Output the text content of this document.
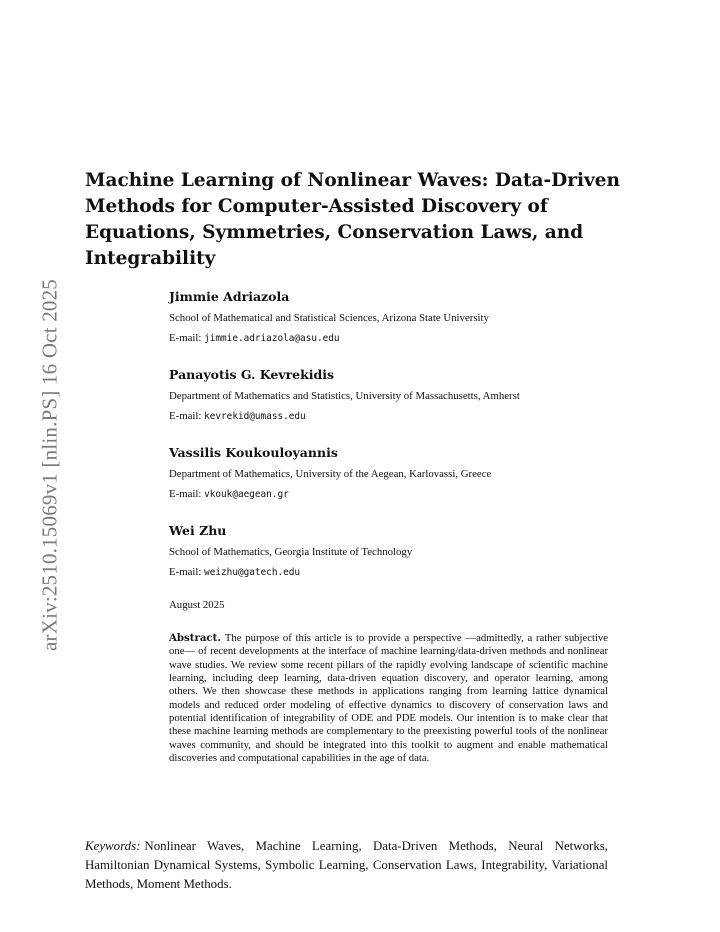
arXiv:2510.15069v1 [nlin.PS] 16 Oct 2025
Machine Learning of Nonlinear Waves: Data-Driven Methods for Computer-Assisted Discovery of Equations, Symmetries, Conservation Laws, and Integrability
Jimmie Adriazola
School of Mathematical and Statistical Sciences, Arizona State University
E-mail: jimmie.adriazola@asu.edu
Panayotis G. Kevrekidis
Department of Mathematics and Statistics, University of Massachusetts, Amherst
E-mail: kevrekid@umass.edu
Vassilis Koukouloyannis
Department of Mathematics, University of the Aegean, Karlovassi, Greece
E-mail: vkouk@aegean.gr
Wei Zhu
School of Mathematics, Georgia Institute of Technology
E-mail: weizhu@gatech.edu
August 2025

Abstract. The purpose of this article is to provide a perspective —admittedly, a rather subjective one— of recent developments at the interface of machine learning/data-driven methods and nonlinear wave studies. We review some recent pillars of the rapidly evolving landscape of scientific machine learning, including deep learning, data-driven equation discovery, and operator learning, among others. We then showcase these methods in applications ranging from learning lattice dynamical models and reduced order modeling of effective dynamics to discovery of conservation laws and potential identification of integrability of ODE and PDE models. Our intention is to make clear that these machine learning methods are complementary to the preexisting powerful tools of the nonlinear waves community, and should be integrated into this toolkit to augment and enable mathematical discoveries and computational capabilities in the age of data.

Keywords: Nonlinear Waves, Machine Learning, Data-Driven Methods, Neural Networks, Hamiltonian Dynamical Systems, Symbolic Learning, Conservation Laws, Integrability, Variational Methods, Moment Methods.
